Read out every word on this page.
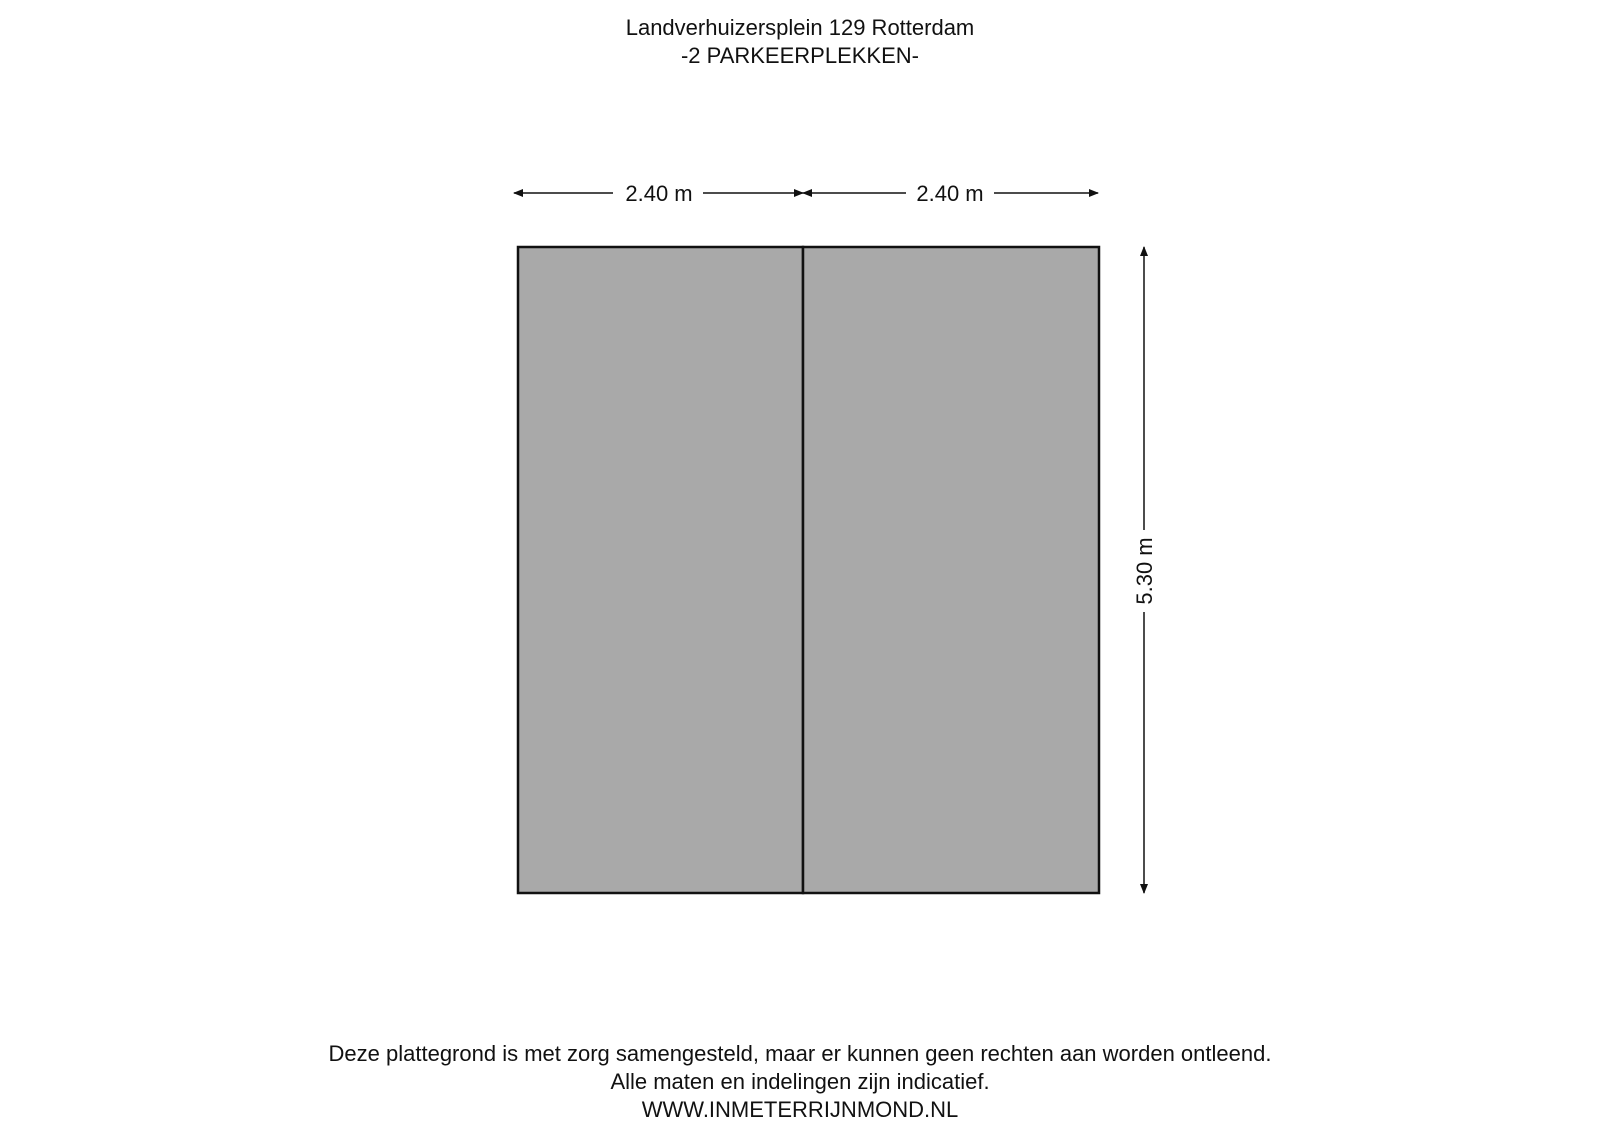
Landverhuizersplein 129 Rotterdam
-2 PARKEERPLEKKEN-
2.40 m	2.40 m
5.30 m
Deze plattegrond is met zorg samengesteld, maar er kunnen geen rechten aan worden ontleend.
Alle maten en indelingen zijn indicatief.
WWW.INMETERRIJNMOND.NL
